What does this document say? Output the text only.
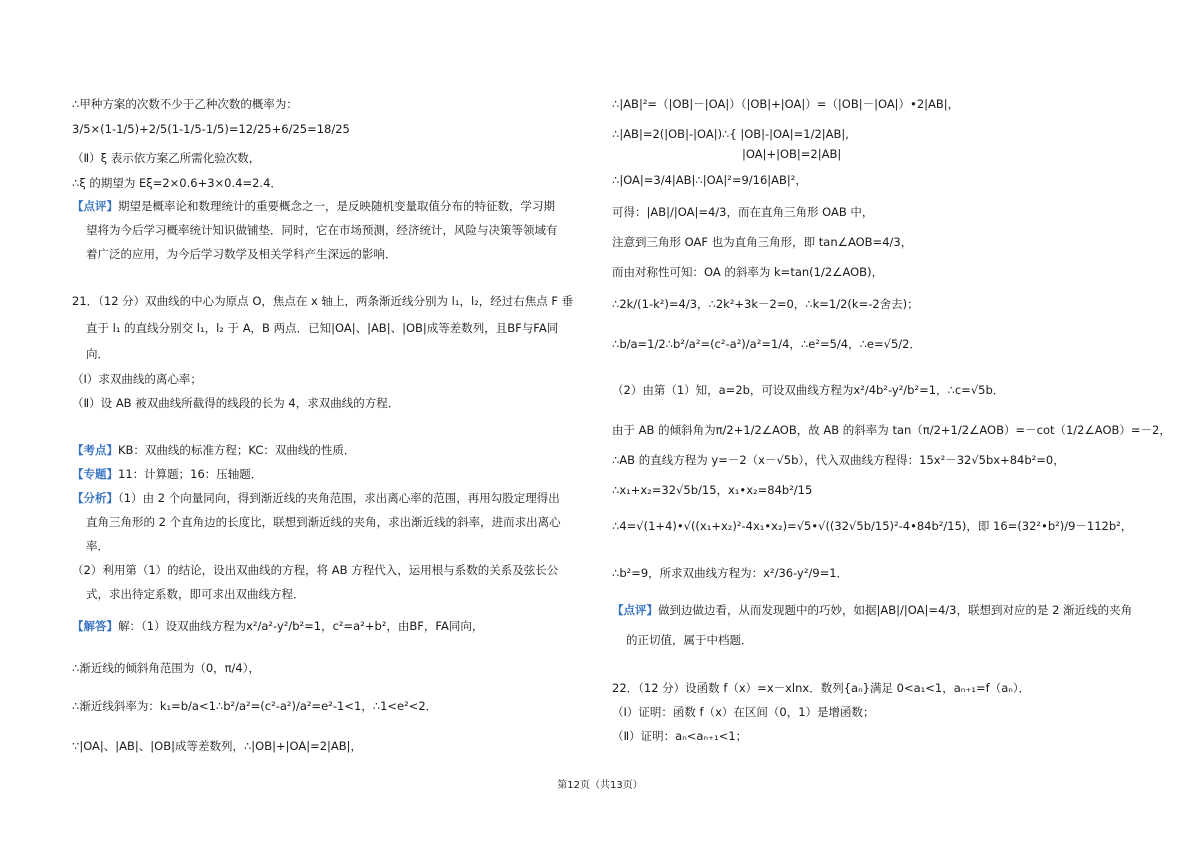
∴甲种方案的次数不少于乙种次数的概率为：
3/5×(1-1/5)+2/5(1-1/5-1/5)=12/25+6/25=18/25
（Ⅱ）ξ 表示依方案乙所需化验次数，
∴ξ 的期望为 Eξ=2×0.6+3×0.4=2.4．
【点评】期望是概率论和数理统计的重要概念之一，是反映随机变量取值分布的特征数，学习期
望将为今后学习概率统计知识做铺垫．同时，它在市场预测，经济统计，风险与决策等领域有
着广泛的应用，为今后学习数学及相关学科产生深远的影响．
21．（12 分）双曲线的中心为原点 O，焦点在 x 轴上，两条渐近线分别为 l₁，l₂，经过右焦点 F 垂
直于 l₁ 的直线分别交 l₁，l₂ 于 A，B 两点．已知|OA|、|AB|、|OB|成等差数列，且BF与FA同
向．
（Ⅰ）求双曲线的离心率；
（Ⅱ）设 AB 被双曲线所截得的线段的长为 4，求双曲线的方程．
【考点】KB：双曲线的标准方程；KC：双曲线的性质．
【专题】11：计算题；16：压轴题．
【分析】（1）由 2 个向量同向，得到渐近线的夹角范围，求出离心率的范围，再用勾股定理得出
直角三角形的 2 个直角边的长度比，联想到渐近线的夹角，求出渐近线的斜率，进而求出离心
率．
（2）利用第（1）的结论，设出双曲线的方程，将 AB 方程代入，运用根与系数的关系及弦长公
式，求出待定系数，即可求出双曲线方程．
【解答】解：（1）设双曲线方程为x²/a²-y²/b²=1，c²=a²+b²，由BF，FA同向，
∴渐近线的倾斜角范围为（0，π/4），
∴渐近线斜率为：k₁=b/a<1∴b²/a²=(c²-a²)/a²=e²-1<1，∴1<e²<2．
∵|OA|、|AB|、|OB|成等差数列，∴|OB|+|OA|=2|AB|，
∴|AB|²=（|OB|－|OA|）（|OB|+|OA|）=（|OB|－|OA|）•2|AB|，
∴|AB|=2(|OB|-|OA|)∴{ |OB|-|OA|=1/2|AB|,
|OA|+|OB|=2|AB|
∴|OA|=3/4|AB|∴|OA|²=9/16|AB|²，
可得：|AB|/|OA|=4/3，而在直角三角形 OAB 中，
注意到三角形 OAF 也为直角三角形，即 tan∠AOB=4/3，
而由对称性可知：OA 的斜率为 k=tan(1/2∠AOB)，
∴2k/(1-k²)=4/3，∴2k²+3k－2=0，∴k=1/2(k=-2舍去)；
∴b/a=1/2∴b²/a²=(c²-a²)/a²=1/4，∴e²=5/4，∴e=√5/2．
（2）由第（1）知，a=2b，可设双曲线方程为x²/4b²-y²/b²=1，∴c=√5b．
由于 AB 的倾斜角为π/2+1/2∠AOB，故 AB 的斜率为 tan（π/2+1/2∠AOB）=－cot（1/2∠AOB）=－2，
∴AB 的直线方程为 y=－2（x－√5b），代入双曲线方程得：15x²－32√5bx+84b²=0，
∴x₁+x₂=32√5b/15，x₁•x₂=84b²/15
∴4=√(1+4)•√((x₁+x₂)²-4x₁•x₂)=√5•√((32√5b/15)²-4•84b²/15)，即 16=(32²•b²)/9－112b²，
∴b²=9，所求双曲线方程为：x²/36-y²/9=1．
【点评】做到边做边看，从而发现题中的巧妙，如据|AB|/|OA|=4/3，联想到对应的是 2 渐近线的夹角
的正切值，属于中档题．
22．（12 分）设函数 f（x）=x－xlnx．数列{aₙ}满足 0<a₁<1，aₙ₊₁=f（aₙ）．
（Ⅰ）证明：函数 f（x）在区间（0，1）是增函数；
（Ⅱ）证明：aₙ<aₙ₊₁<1；
第12页（共13页）
